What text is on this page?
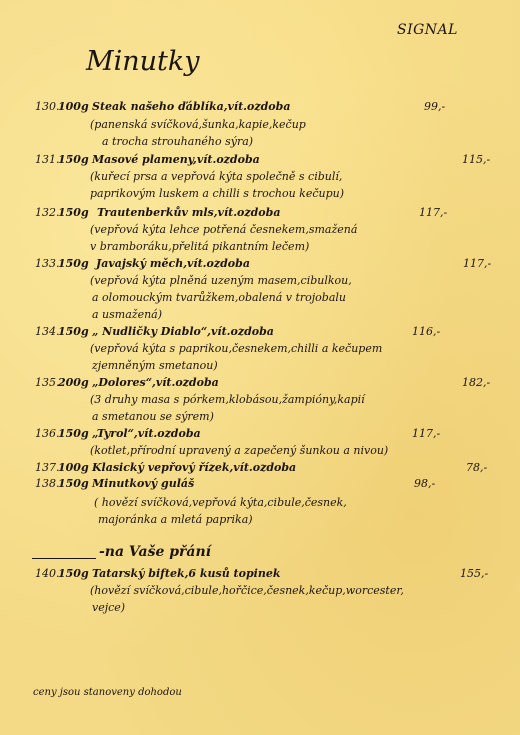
SIGNAL
Minutky
130.
100g Steak našeho ďáblíka,vít.ozdoba	99,-
(panenská svíčková,šunka,kapie,kečup
a trocha strouhaného sýra)
131.
150g Masové plameny,vít.ozdoba	115,-
(kuřecí prsa a vepřová kýta společně s cibulí,
paprikovým luskem a chilli s trochou kečupu)
132.
150g Trautenberkův mls,vít.ozdoba	117,-
(vepřová kýta lehce potřená česnekem,smažená
v bramboráku,přelitá pikantním lečem)
133.
150g Javajský měch,vít.ozdoba	117,-
(vepřová kýta plněná uzeným masem,cibulkou,
a olomouckým tvarůžkem,obalená v trojobalu
a usmažená)
134.
150g „ Nudličky Diablo“,vít.ozdoba	116,-
(vepřová kýta s paprikou,česnekem,chilli a kečupem
zjemněným smetanou)
135.
200g „Dolores“,vít.ozdoba	182,-
(3 druhy masa s pórkem,klobásou,žampióny,kapií
a smetanou se sýrem)
136.
150g „Tyrol“,vít.ozdoba	117,-
(kotlet,přírodní upravený a zapečený šunkou a nivou)
137.
100g Klasický vepřový řízek,vít.ozdoba	78,-
138.
150g Minutkový guláš	98,-
( hovězí svíčková,vepřová kýta,cibule,česnek,
majoránka a mletá paprika)
-na Vaše přání
140.
150g Tatarský biftek,6 kusů topinek	155,-
(hovězí svíčková,cibule,hořčice,česnek,kečup,worcester,
vejce)
ceny jsou stanoveny dohodou
